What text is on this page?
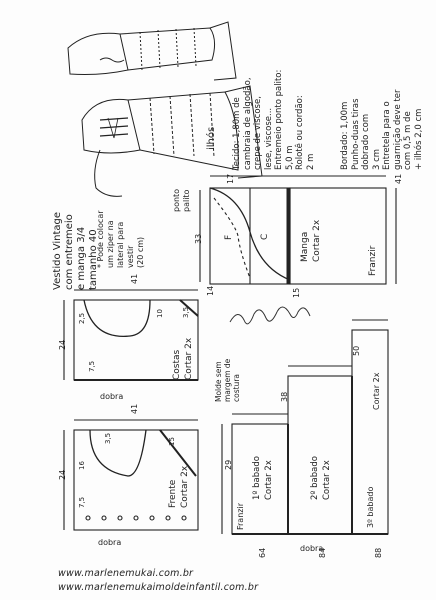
Vestido Vintage com entremeio e manga 3/4 tamanho 40
ilhós
* Pode colocar um ziper na lateral para vestir (20 cm)
ponto palito
Tecido: 1,80m de cambraia de algodão, crepe de viscose, lese, viscose... Entremeio ponto palito: 5,0 m Rolotê ou cordão: 2 m	Bordado: 1,00m Punho-duas tiras dobrado com 3 cm Entretela para o guarnição deve ter com 0,5 m de + ilhós 2,0 cm
Manga Cortar 2x
F	C
Franzir
33
17
14	15
41
Costas Cortar 2x
dobra
41
24
2,5
7,5
3,5
10
Frente Cortar 2x
dobra
41
24
15
3,5
16
7,5
Molde sem margem de costura
1º babado Cortar 2x	2º babado Cortar 2x
3º babado
Cortar 2x
Franzir
dobra
29
38
50
64	84	88
www.marlenemukai.com.br
www.marlenemukaimoldeinfantil.com.br
